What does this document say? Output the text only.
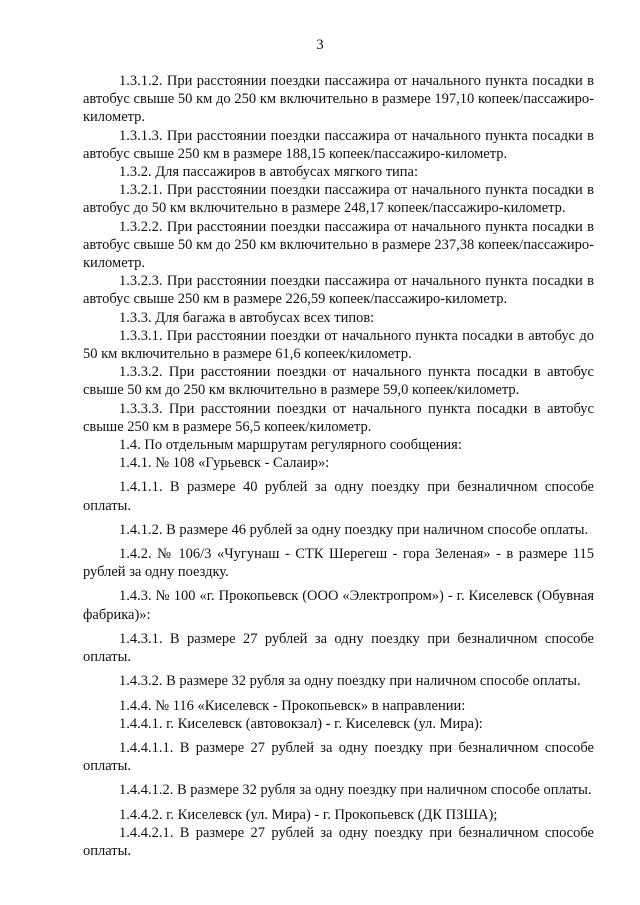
3

1.3.1.2. При расстоянии поездки пассажира от начального пункта посадки в автобус свыше 50 км до 250 км включительно в размере 197,10 копеек/пассажиро-километр.

1.3.1.3. При расстоянии поездки пассажира от начального пункта посадки в автобус свыше 250 км в размере 188,15 копеек/пассажиро-километр.

1.3.2. Для пассажиров в автобусах мягкого типа:

1.3.2.1. При расстоянии поездки пассажира от начального пункта посадки в автобус до 50 км включительно в размере 248,17 копеек/пассажиро-километр.

1.3.2.2. При расстоянии поездки пассажира от начального пункта посадки в автобус свыше 50 км до 250 км включительно в размере 237,38 копеек/пассажиро-километр.

1.3.2.3. При расстоянии поездки пассажира от начального пункта посадки в автобус свыше 250 км в размере 226,59 копеек/пассажиро-километр.

1.3.3. Для багажа в автобусах всех типов:

1.3.3.1. При расстоянии поездки от начального пункта посадки в автобус до 50 км включительно в размере 61,6 копеек/километр.

1.3.3.2. При расстоянии поездки от начального пункта посадки в автобус свыше 50 км до 250 км включительно в размере 59,0 копеек/километр.

1.3.3.3. При расстоянии поездки от начального пункта посадки в автобус свыше 250 км в размере 56,5 копеек/километр.

1.4. По отдельным маршрутам регулярного сообщения:

1.4.1. № 108 «Гурьевск - Салаир»:

1.4.1.1. В размере 40 рублей за одну поездку при безналичном способе оплаты.

1.4.1.2. В размере 46 рублей за одну поездку при наличном способе оплаты.

1.4.2. № 106/3 «Чугунаш - СТК Шерегеш - гора Зеленая» - в размере 115 рублей за одну поездку.

1.4.3. № 100 «г. Прокопьевск (ООО «Электропром») - г. Киселевск (Обувная фабрика)»:

1.4.3.1. В размере 27 рублей за одну поездку при безналичном способе оплаты.

1.4.3.2. В размере 32 рубля за одну поездку при наличном способе оплаты.

1.4.4. № 116 «Киселевск - Прокопьевск» в направлении:

1.4.4.1. г. Киселевск (автовокзал) - г. Киселевск (ул. Мира):

1.4.4.1.1. В размере 27 рублей за одну поездку при безналичном способе оплаты.

1.4.4.1.2. В размере 32 рубля за одну поездку при наличном способе оплаты.

1.4.4.2. г. Киселевск (ул. Мира) - г. Прокопьевск (ДК ПЗША);

1.4.4.2.1. В размере 27 рублей за одну поездку при безналичном способе оплаты.
